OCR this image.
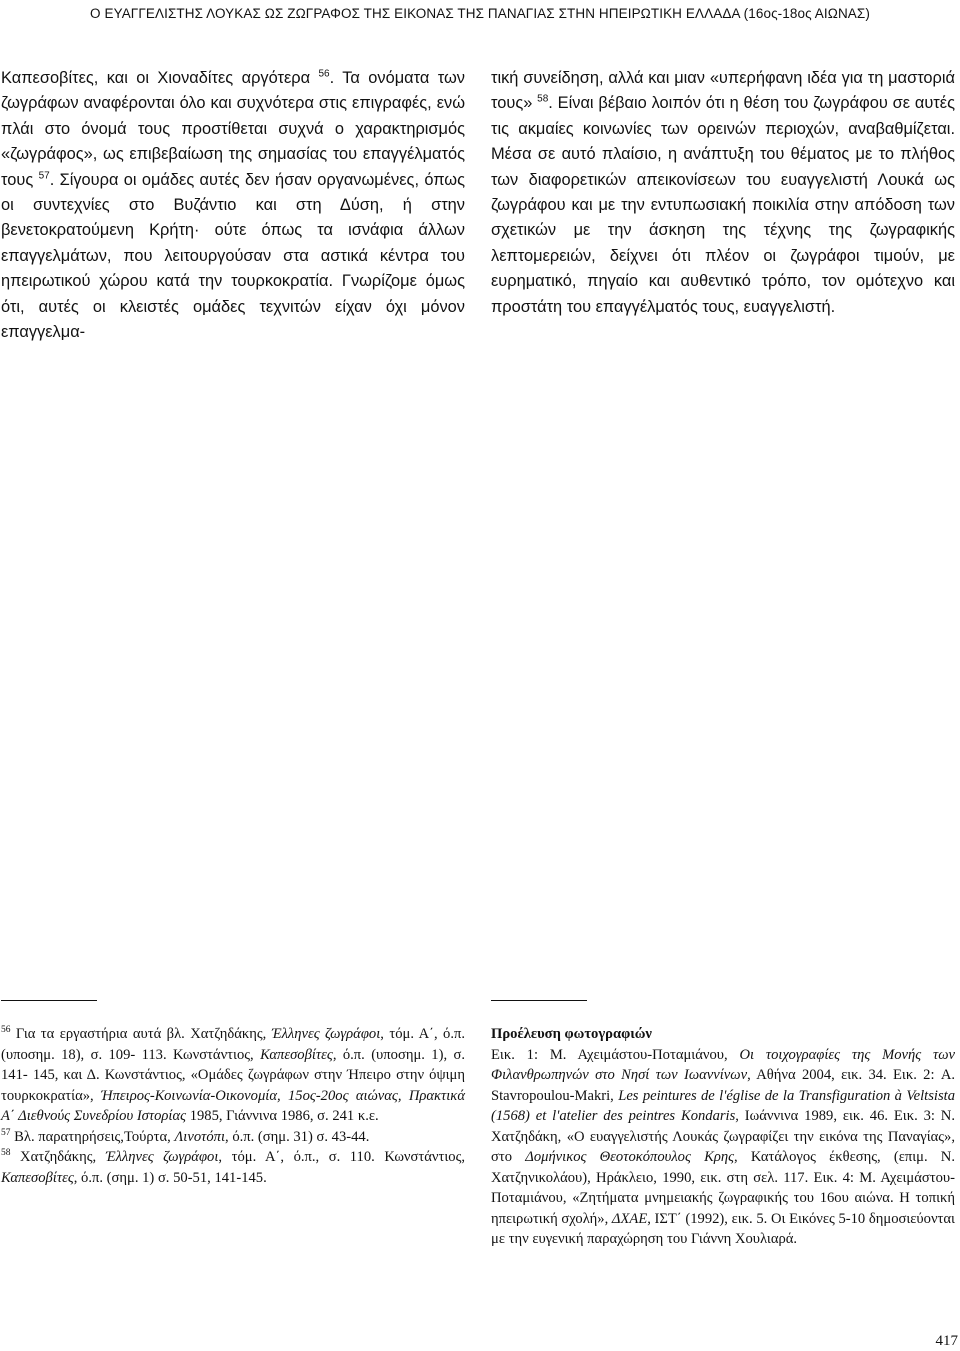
Ο ΕΥΑΓΓΕΛΙΣΤΗΣ ΛΟΥΚΑΣ ΩΣ ΖΩΓΡΑΦΟΣ ΤΗΣ ΕΙΚΟΝΑΣ ΤΗΣ ΠΑΝΑΓΙΑΣ ΣΤΗΝ ΗΠΕΙΡΩΤΙΚΗ ΕΛΛΑΔΑ (16ος-18ος ΑΙΩΝΑΣ)

Καπεσοβίτες, και οι Χιοναδίτες αργότερα $^{56}$. Τα ονόματα των ζωγράφων αναφέρονται όλο και συχνότερα στις επιγραφές, ενώ πλάι στο όνομά τους προστίθεται συχνά ο χαρακτηρισμός «ζωγράφος», ως επιβεβαίωση της σημασίας του επαγγέλματός τους $^{57}$. Σίγουρα οι ομάδες αυτές δεν ήσαν οργανωμένες, όπως οι συντεχνίες στο Βυζάντιο και στη Δύση, ή στην βενετοκρατούμενη Κρήτη· ούτε όπως τα ισνάφια άλλων επαγγελμάτων, που λειτουργούσαν στα αστικά κέντρα του ηπειρωτικού χώρου κατά την τουρκοκρατία. Γνωρίζομε όμως ότι, αυτές οι κλειστές ομάδες τεχνιτών είχαν όχι μόνον επαγγελμα-

τική συνείδηση, αλλά και μιαν «υπερήφανη ιδέα για τη μαστοριά τους» $^{58}$. Είναι βέβαιο λοιπόν ότι η θέση του ζωγράφου σε αυτές τις ακμαίες κοινωνίες των ορεινών περιοχών, αναβαθμίζεται. Μέσα σε αυτό πλαίσιο, η ανάπτυξη του θέματος με το πλήθος των διαφορετικών απεικονίσεων του ευαγγελιστή Λουκά ως ζωγράφου και με την εντυπωσιακή ποικιλία στην απόδοση των σχετικών με την άσκηση της τέχνης της ζωγραφικής λεπτομερειών, δείχνει ότι πλέον οι ζωγράφοι τιμούν, με ευρηματικό, πηγαίο και αυθεντικό τρόπο, τον ομότεχνο και προστάτη του επαγγέλματός τους, ευαγγελιστή.

$^{56}$ Για τα εργαστήρια αυτά βλ. Χατζηδάκης, Έλληνες ζωγράφοι, τόμ. Α΄, ό.π. (υποσημ. 18), σ. 109- 113. Κωνστάντιος, Καπεσοβίτες, ό.π. (υποσημ. 1), σ. 141- 145, και Δ. Κωνστάντιος, «Ομάδες ζωγράφων στην Ήπειρο στην όψιμη τουρκοκρατία», Ήπειρος-Κοινωνία-Οικονομία, 15ος-20ος αιώνας, Πρακτικά Α΄ Διεθνούς Συνεδρίου Ιστορίας 1985, Γιάννινα 1986, σ. 241 κ.ε.

$^{57}$ Βλ. παρατηρήσεις,Τούρτα, Λινοτόπι, ό.π. (σημ. 31) σ. 43-44.

$^{58}$ Χατζηδάκης, Έλληνες ζωγράφοι, τόμ. Α΄, ό.π., σ. 110. Κωνστάντιος, Καπεσοβίτες, ό.π. (σημ. 1) σ. 50-51, 141-145.

Προέλευση φωτογραφιών

Εικ. 1: Μ. Αχειμάστου-Ποταμιάνου, Οι τοιχογραφίες της Μονής των Φιλανθρωπηνών στο Νησί των Ιωαννίνων, Αθήνα 2004, εικ. 34. Εικ. 2: A. Stavropoulou-Makri, Les peintures de l'église de la Transfiguration à Veltsista (1568) et l'atelier des peintres Kondaris, Ιωάννινα 1989, εικ. 46. Εικ. 3: Ν. Χατζηδάκη, «Ο ευαγγελιστής Λουκάς ζωγραφίζει την εικόνα της Παναγίας», στο Δομήνικος Θεοτοκόπουλος Κρης, Κατάλογος έκθεσης, (επιμ. Ν. Χατζηνικολάου), Ηράκλειο, 1990, εικ. στη σελ. 117. Εικ. 4: Μ. Αχειμάστου-Ποταμιάνου, «Ζητήματα μνημειακής ζωγραφικής του 16ου αιώνα. Η τοπική ηπειρωτική σχολή», ΔΧΑΕ, ΙΣΤ΄ (1992), εικ. 5. Οι Εικόνες 5-10 δημοσιεύονται με την ευγενική παραχώρηση του Γιάννη Χουλιαρά.

417
